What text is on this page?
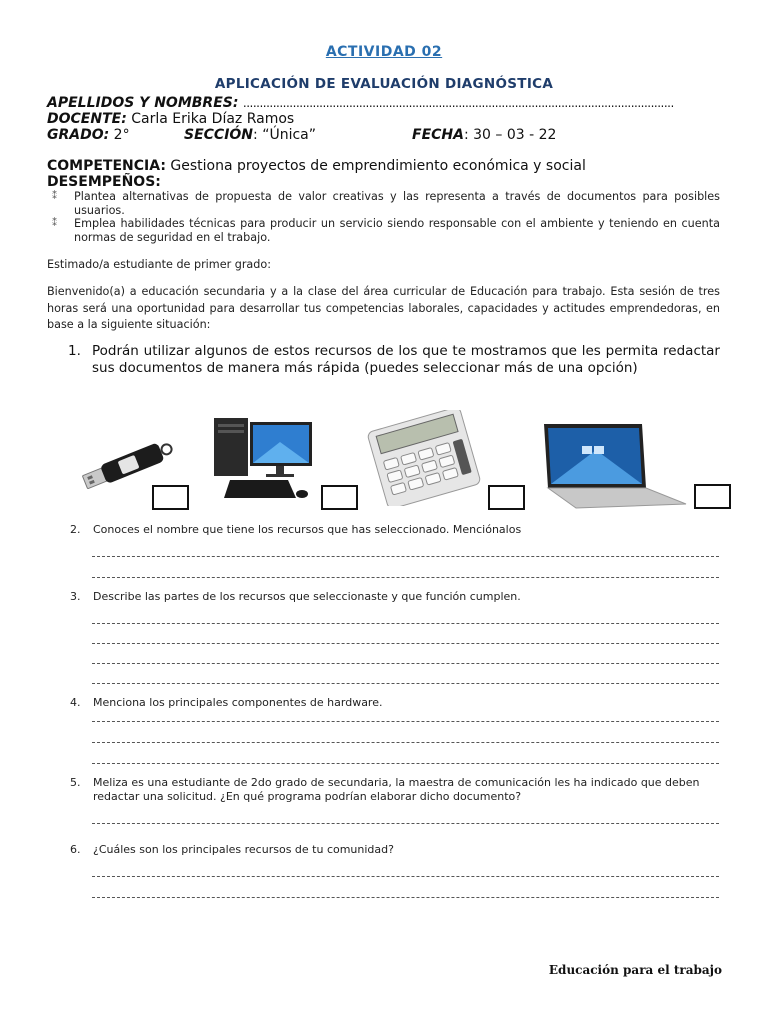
ACTIVIDAD 02
APLICACIÓN DE EVALUACIÓN DIAGNÓSTICA
APELLIDOS Y NOMBRES: ..................................................................................................................................
DOCENTE: Carla Erika Díaz Ramos
GRADO: 2°	SECCIÓN: “Única”	FECHA: 30 – 03 - 22
COMPETENCIA: Gestiona proyectos de emprendimiento económica y social
DESEMPEÑOS:
⁑ Plantea alternativas de propuesta de valor creativas y las representa a través de documentos para posibles usuarios.
⁑ Emplea habilidades técnicas para producir un servicio siendo responsable con el ambiente y teniendo en cuenta normas de seguridad en el trabajo.
Estimado/a estudiante de primer grado:
Bienvenido(a) a educación secundaria y a la clase del área curricular de Educación para trabajo. Esta sesión de tres horas será una oportunidad para desarrollar tus competencias laborales, capacidades y actitudes emprendedoras, en base a la siguiente situación:
1. Podrán utilizar algunos de estos recursos de los que te mostramos que les permita redactar sus documentos de manera más rápida (puedes seleccionar más de una opción)
2. Conoces el nombre que tiene los recursos que has seleccionado. Menciónalos
3. Describe las partes de los recursos que seleccionaste y que función cumplen.
4. Menciona los principales componentes de hardware.
5. Meliza es una estudiante de 2do grado de secundaria, la maestra de comunicación les ha indicado que deben redactar una solicitud. ¿En qué programa podrían elaborar dicho documento?
6. ¿Cuáles son los principales recursos de tu comunidad?
Educación para el trabajo
